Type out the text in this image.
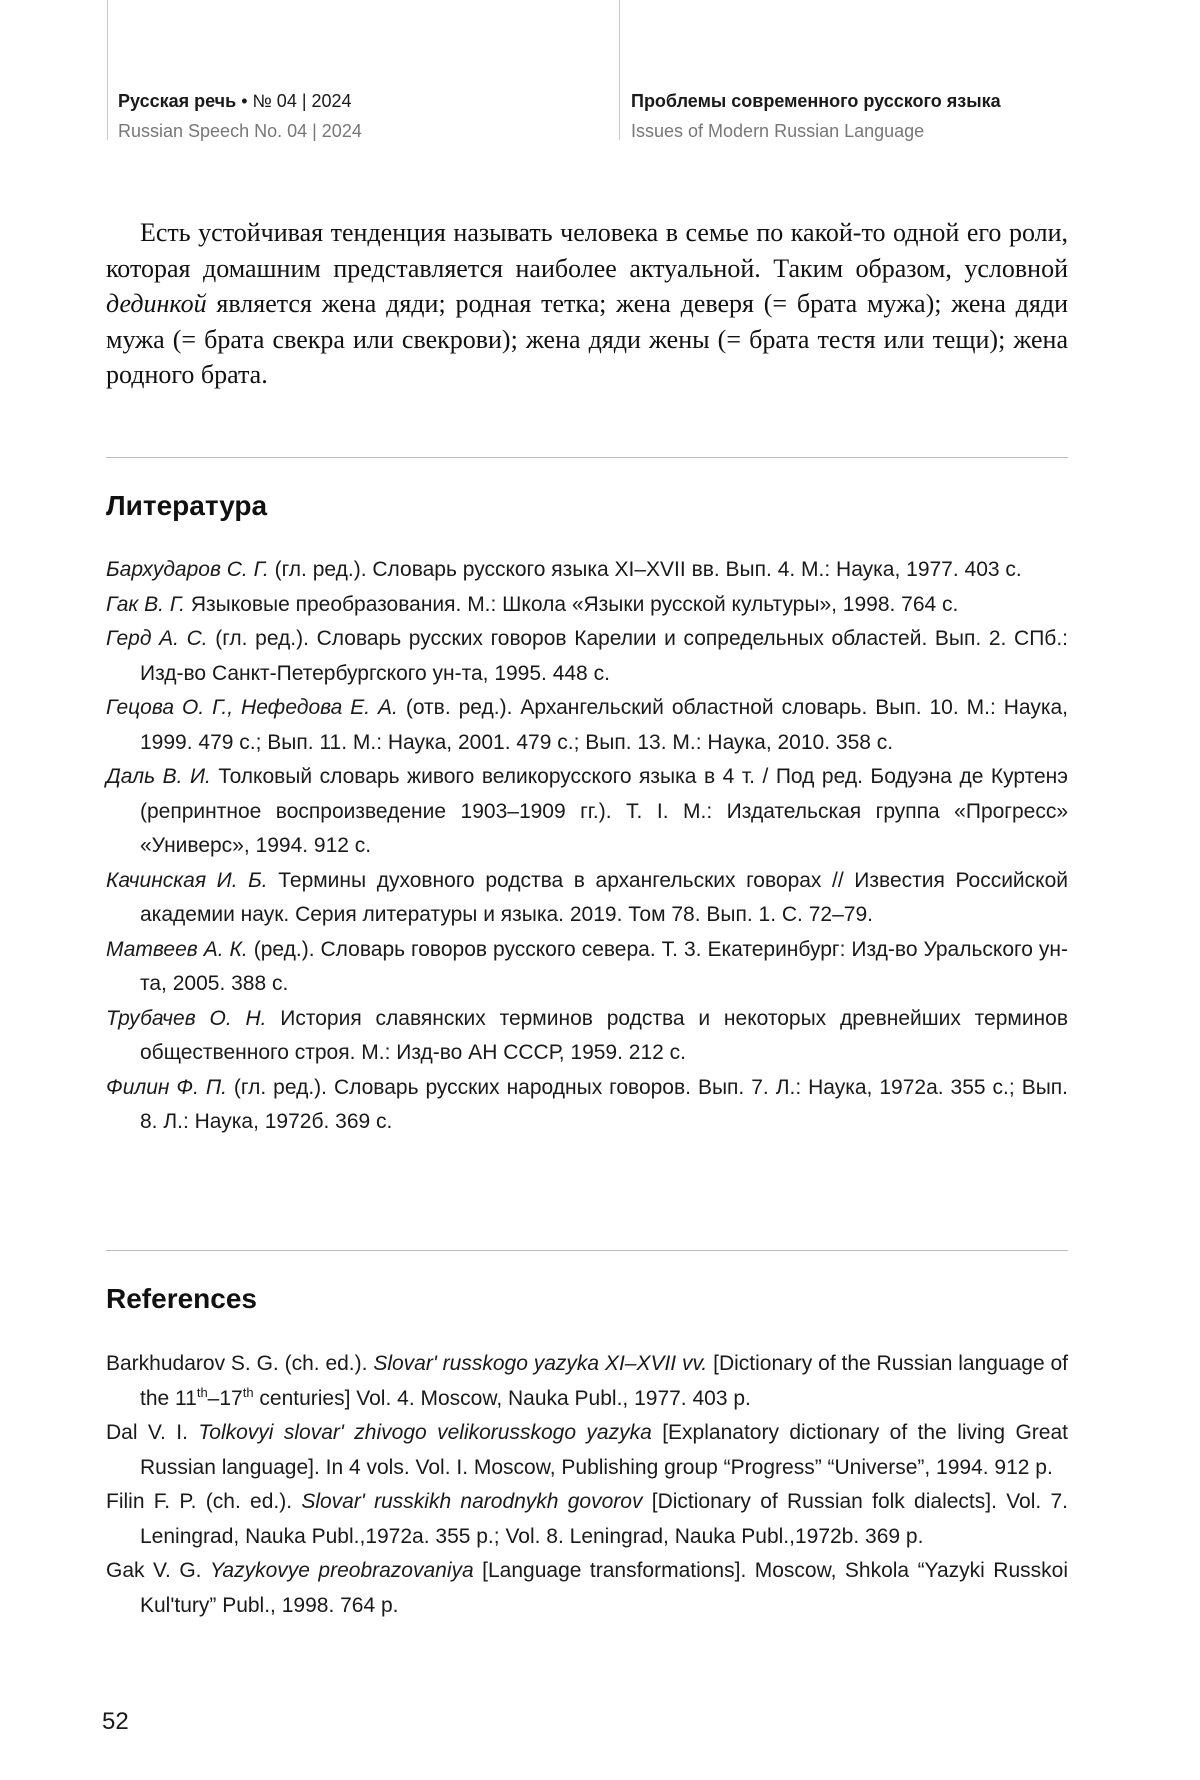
Русская речь • № 04 | 2024
Russian Speech No. 04 | 2024
Проблемы современного русского языка
Issues of Modern Russian Language

Есть устойчивая тенденция называть человека в семье по какой-то одной его роли, которая домашним представляется наиболее актуальной. Таким образом, условной дединкой является жена дяди; родная тетка; жена деверя (= брата мужа); жена дяди мужа (= брата свекра или свекрови); жена дяди жены (= брата тестя или тещи); жена родного брата.

Литература
Бархударов С. Г. (гл. ред.). Словарь русского языка XI–XVII вв. Вып. 4. М.: Наука, 1977. 403 с.
Гак В. Г. Языковые преобразования. М.: Школа «Языки русской культуры», 1998. 764 с.
Герд А. С. (гл. ред.). Словарь русских говоров Карелии и сопредельных областей. Вып. 2. СПб.: Изд-во Санкт-Петербургского ун-та, 1995. 448 с.
Гецова О. Г., Нефедова Е. А. (отв. ред.). Архангельский областной словарь. Вып. 10. М.: Наука, 1999. 479 с.; Вып. 11. М.: Наука, 2001. 479 с.; Вып. 13. М.: Наука, 2010. 358 с.
Даль В. И. Толковый словарь живого великорусского языка в 4 т. / Под ред. Бодуэна де Куртенэ (репринтное воспроизведение 1903–1909 гг.). Т. I. М.: Издательская группа «Прогресс» «Универс», 1994. 912 с.
Качинская И. Б. Термины духовного родства в архангельских говорах // Известия Российской академии наук. Серия литературы и языка. 2019. Том 78. Вып. 1. С. 72–79.
Матвеев А. К. (ред.). Словарь говоров русского севера. Т. 3. Екатеринбург: Изд-во Уральского ун-та, 2005. 388 с.
Трубачев О. Н. История славянских терминов родства и некоторых древнейших терминов общественного строя. М.: Изд-во АН СССР, 1959. 212 с.
Филин Ф. П. (гл. ред.). Словарь русских народных говоров. Вып. 7. Л.: Наука, 1972а. 355 с.; Вып. 8. Л.: Наука, 1972б. 369 с.
References
Barkhudarov S. G. (ch. ed.). Slovar' russkogo yazyka XI–XVII vv. [Dictionary of the Russian language of the 11th–17th centuries] Vol. 4. Moscow, Nauka Publ., 1977. 403 p.
Dal V. I. Tolkovyi slovar' zhivogo velikorusskogo yazyka [Explanatory dictionary of the living Great Russian language]. In 4 vols. Vol. I. Moscow, Publishing group “Progress” “Universe”, 1994. 912 p.
Filin F. P. (ch. ed.). Slovar' russkikh narodnykh govorov [Dictionary of Russian folk dialects]. Vol. 7. Leningrad, Nauka Publ.,1972a. 355 p.; Vol. 8. Leningrad, Nauka Publ.,1972b. 369 p.
Gak V. G. Yazykovye preobrazovaniya [Language transformations]. Moscow, Shkola “Yazyki Russkoi Kul'tury” Publ., 1998. 764 p.
52
